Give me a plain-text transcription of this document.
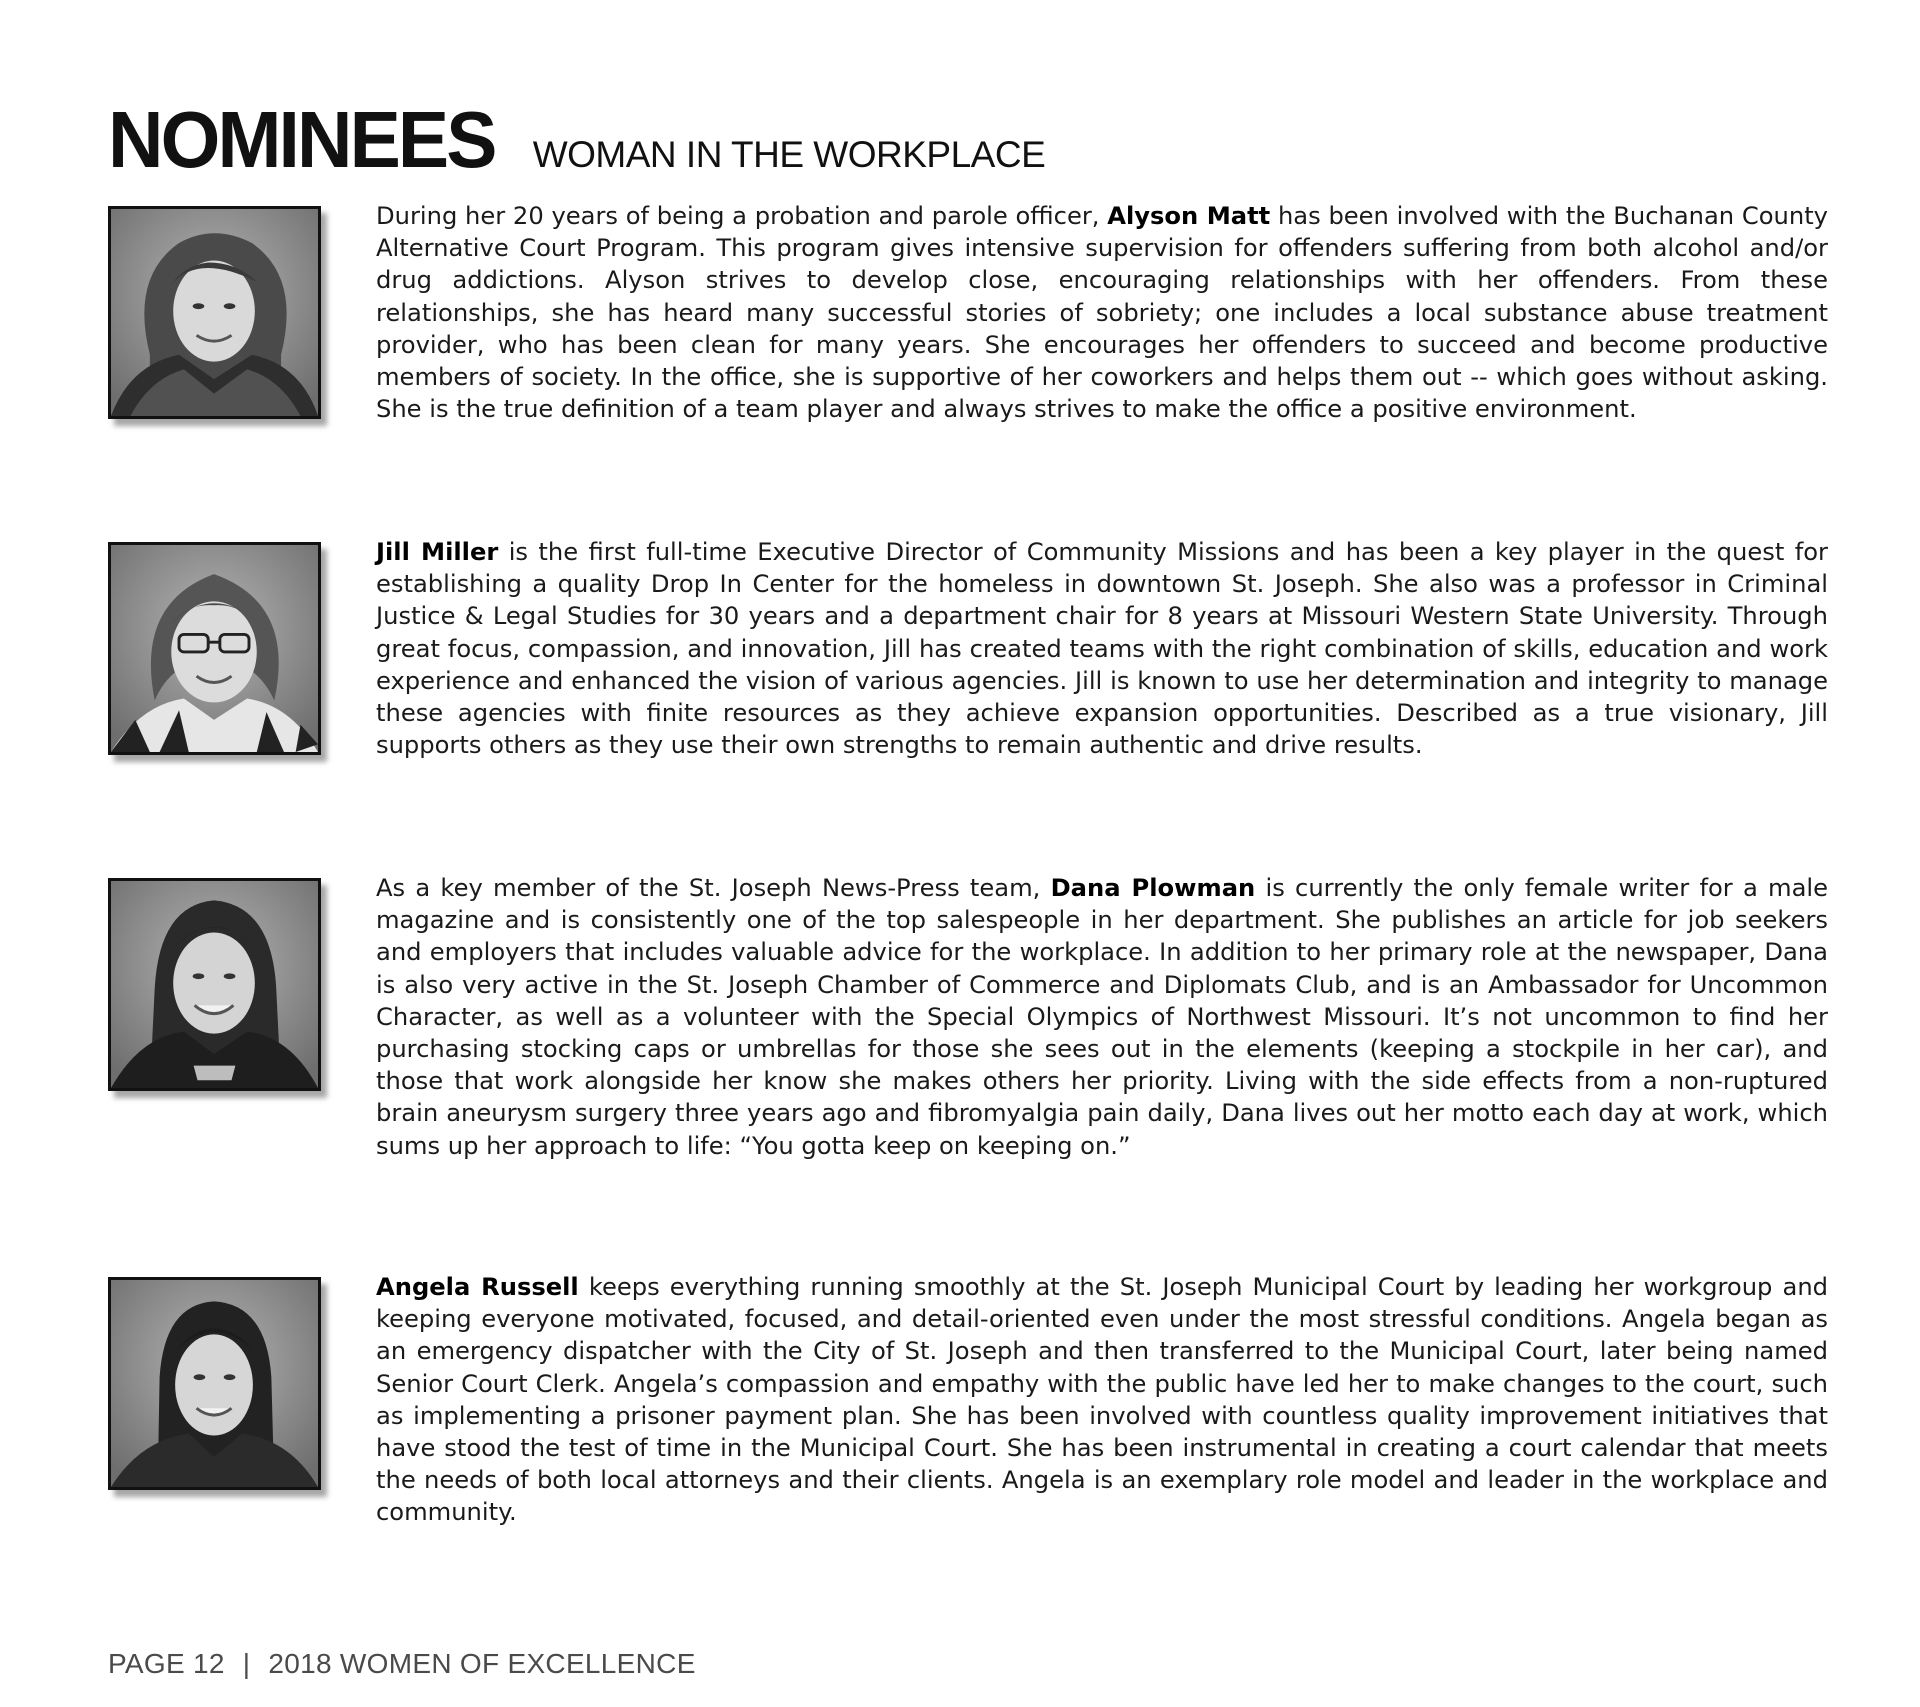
NOMINEES WOMAN IN THE WORKPLACE

During her 20 years of being a probation and parole officer, Alyson Matt has been involved with the Buchanan County Alternative Court Program. This program gives intensive supervision for offenders suffering from both alcohol and/or drug addictions. Alyson strives to develop close, encouraging relationships with her offenders. From these relationships, she has heard many successful stories of sobriety; one includes a local substance abuse treatment provider, who has been clean for many years. She encourages her offenders to succeed and become productive members of society. In the office, she is supportive of her coworkers and helps them out -- which goes without asking. She is the true definition of a team player and always strives to make the office a positive environment.

Jill Miller is the first full-time Executive Director of Community Missions and has been a key player in the quest for establishing a quality Drop In Center for the homeless in downtown St. Joseph. She also was a professor in Criminal Justice & Legal Studies for 30 years and a department chair for 8 years at Missouri Western State University. Through great focus, compassion, and innovation, Jill has created teams with the right combination of skills, education and work experience and enhanced the vision of various agencies. Jill is known to use her determination and integrity to manage these agencies with finite resources as they achieve expansion opportunities. Described as a true visionary, Jill supports others as they use their own strengths to remain authentic and drive results.

As a key member of the St. Joseph News-Press team, Dana Plowman is currently the only female writer for a male magazine and is consistently one of the top salespeople in her department. She publishes an article for job seekers and employers that includes valuable advice for the workplace. In addition to her primary role at the newspaper, Dana is also very active in the St. Joseph Chamber of Commerce and Diplomats Club, and is an Ambassador for Uncommon Character, as well as a volunteer with the Special Olympics of Northwest Missouri. It’s not uncommon to find her purchasing stocking caps or umbrellas for those she sees out in the elements (keeping a stockpile in her car), and those that work alongside her know she makes others her priority. Living with the side effects from a non-ruptured brain aneurysm surgery three years ago and fibromyalgia pain daily, Dana lives out her motto each day at work, which sums up her approach to life: “You gotta keep on keeping on.”

Angela Russell keeps everything running smoothly at the St. Joseph Municipal Court by leading her workgroup and keeping everyone motivated, focused, and detail-oriented even under the most stressful conditions. Angela began as an emergency dispatcher with the City of St. Joseph and then transferred to the Municipal Court, later being named Senior Court Clerk. Angela’s compassion and empathy with the public have led her to make changes to the court, such as implementing a prisoner payment plan. She has been involved with countless quality improvement initiatives that have stood the test of time in the Municipal Court. She has been instrumental in creating a court calendar that meets the needs of both local attorneys and their clients. Angela is an exemplary role model and leader in the workplace and community.

PAGE 12 | 2018 WOMEN OF EXCELLENCE
